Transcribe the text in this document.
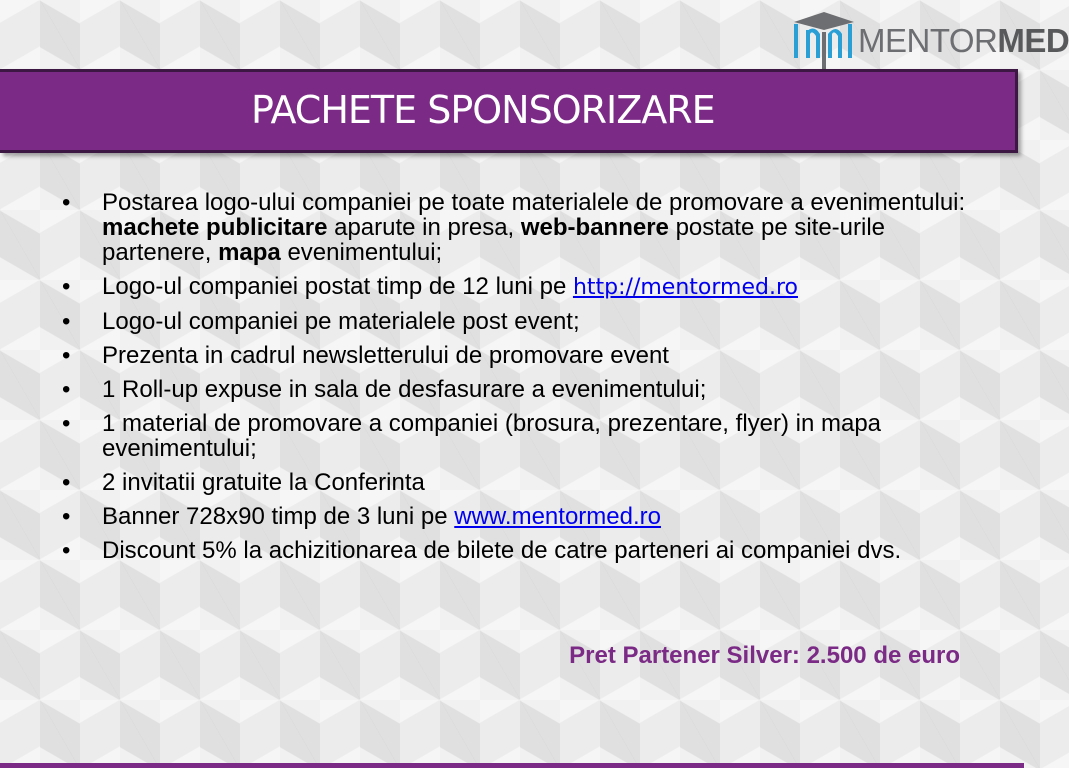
MENTORMED
PACHETE SPONSORIZARE
• Postarea logo-ului companiei pe toate materialele de promovare a evenimentului: machete publicitare aparute in presa, web-bannere postate pe site-urile partenere, mapa evenimentului;
• Logo-ul companiei postat timp de 12 luni pe http://mentormed.ro
• Logo-ul companiei pe materialele post event;
• Prezenta in cadrul newsletterului de promovare event
• 1 Roll-up expuse in sala de desfasurare a evenimentului;
• 1 material de promovare a companiei (brosura, prezentare, flyer) in mapa evenimentului;
• 2 invitatii gratuite la Conferinta
• Banner 728x90 timp de 3 luni pe www.mentormed.ro
• Discount 5% la achizitionarea de bilete de catre parteneri ai companiei dvs.
Pret Partener Silver: 2.500 de euro
